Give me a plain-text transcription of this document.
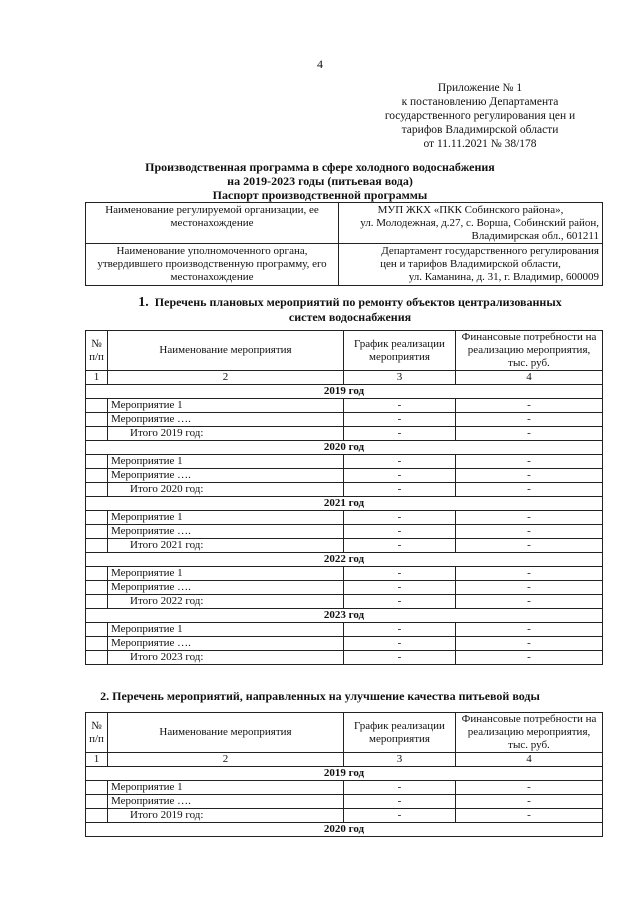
4
Приложение № 1
к постановлению Департамента
государственного регулирования цен и
тарифов Владимирской области
от 11.11.2021 № 38/178
Производственная программа в сфере холодного водоснабжения
на 2019-2023 годы (питьевая вода)
Паспорт производственной программы
Наименование регулируемой организации, ее местонахождение	МУП ЖКХ «ПКК Собинского района»,
ул. Молодежная, д.27, с. Ворша, Собинский район,
Владимирская обл., 601211

Наименование уполномоченного органа, утвердившего производственную программу, его местонахождение	Департамент государственного регулирования
цен и тарифов Владимирской области,
ул. Каманина, д. 31, г. Владимир, 600009
1. Перечень плановых мероприятий по ремонту объектов централизованных
систем водоснабжения
№ п/п	Наименование мероприятия	График реализации мероприятия	Финансовые потребности на реализацию мероприятия, тыс. руб.
1	2	3	4
2019 год			
	Мероприятие 1	-	-
	Мероприятие ….	-	-
	Итого 2019 год:	-	-
2020 год			
	Мероприятие 1	-	-
	Мероприятие ….	-	-
	Итого 2020 год:	-	-
2021 год			
	Мероприятие 1	-	-
	Мероприятие ….	-	-
	Итого 2021 год:	-	-
2022 год			
	Мероприятие 1	-	-
	Мероприятие ….	-	-
	Итого 2022 год:	-	-
2023 год			
	Мероприятие 1	-	-
	Мероприятие ….	-	-
	Итого 2023 год:	-	-
2. Перечень мероприятий, направленных на улучшение качества питьевой воды
№ п/п	Наименование мероприятия	График реализации мероприятия	Финансовые потребности на реализацию мероприятия, тыс. руб.
1	2	3	4
2019 год			
	Мероприятие 1	-	-
	Мероприятие ….	-	-
	Итого 2019 год:	-	-
2020 год			
